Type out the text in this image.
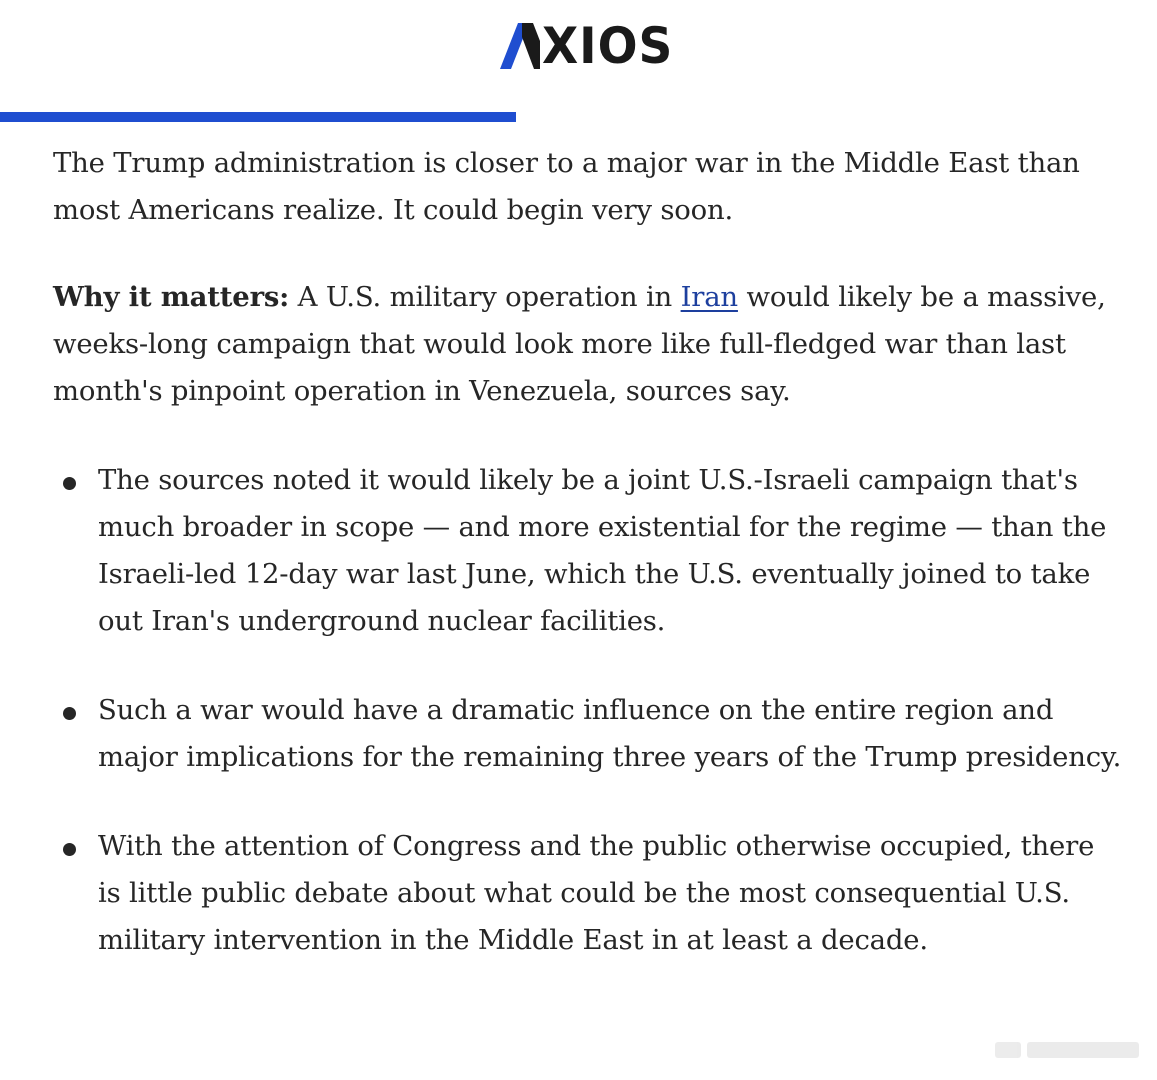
XIOS

The Trump administration is closer to a major war in the Middle East than most Americans realize. It could begin very soon.

Why it matters: A U.S. military operation in Iran would likely be a massive, weeks-long campaign that would look more like full-fledged war than last month's pinpoint operation in Venezuela, sources say.

The sources noted it would likely be a joint U.S.-Israeli campaign that's much broader in scope — and more existential for the regime — than the Israeli-led 12-day war last June, which the U.S. eventually joined to take out Iran's underground nuclear facilities.
Such a war would have a dramatic influence on the entire region and major implications for the remaining three years of the Trump presidency.
With the attention of Congress and the public otherwise occupied, there is little public debate about what could be the most consequential U.S. military intervention in the Middle East in at least a decade.
